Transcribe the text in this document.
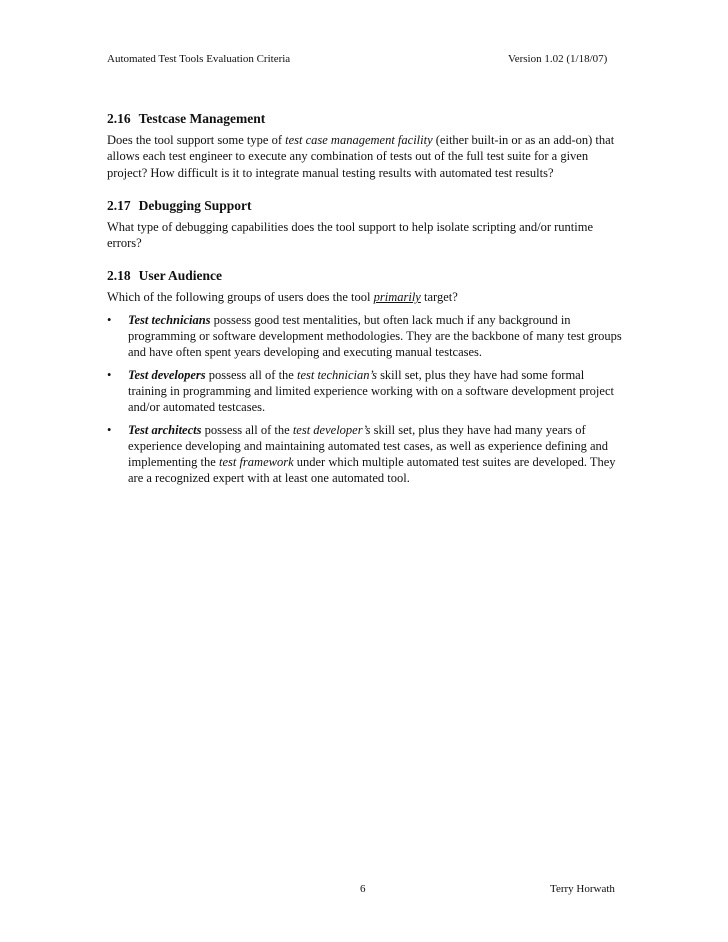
Automated Test Tools Evaluation Criteria	Version 1.02 (1/18/07)
2.16 Testcase Management

Does the tool support some type of test case management facility (either built-in or as an add-on) that allows each test engineer to execute any combination of tests out of the full test suite for a given project? How difficult is it to integrate manual testing results with automated test results?

2.17 Debugging Support

What type of debugging capabilities does the tool support to help isolate scripting and/or runtime errors?

2.18 User Audience

Which of the following groups of users does the tool primarily target?

• Test technicians possess good test mentalities, but often lack much if any background in programming or software development methodologies. They are the backbone of many test groups and have often spent years developing and executing manual testcases.
• Test developers possess all of the test technician’s skill set, plus they have had some formal training in programming and limited experience working with on a software development project and/or automated testcases.
• Test architects possess all of the test developer’s skill set, plus they have had many years of experience developing and maintaining automated test cases, as well as experience defining and implementing the test framework under which multiple automated test suites are developed. They are a recognized expert with at least one automated tool.
6	Terry Horwath
